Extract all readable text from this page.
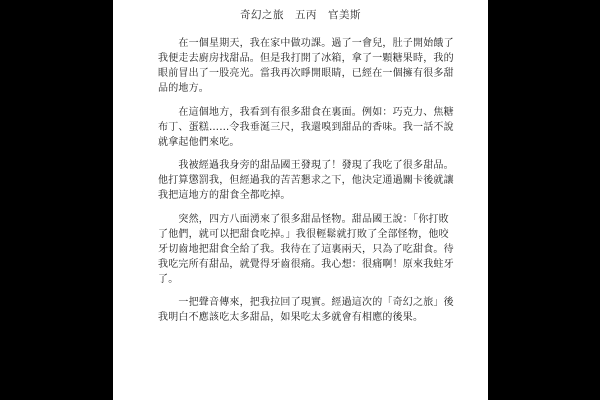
奇幻之旅　五丙　官美斯

　　在一個星期天，我在家中做功課。過了一會兒，肚子開始餓了
我便走去廚房找甜品。但是我打開了冰箱，拿了一顆糖果時，我的
眼前冒出了一股亮光。當我再次睜開眼睛，已經在一個擁有很多甜
品的地方。

　　在這個地方，我看到有很多甜食在裏面。例如：巧克力、焦糖
布丁、蛋糕……令我垂涎三尺，我還嗅到甜品的香味。我一話不說
就拿起他們來吃。

　　我被經過我身旁的甜品國王發現了！發現了我吃了很多甜品。
他打算懲罰我，但經過我的苦苦懇求之下，他決定通過關卡後就讓
我把這地方的甜食全都吃掉。

　　突然，四方八面湧來了很多甜品怪物。甜品國王說：「你打敗
了他們，就可以把甜食吃掉。」我很輕鬆就打敗了全部怪物，他咬
牙切齒地把甜食全給了我。我待在了這裏兩天，只為了吃甜食。待
我吃完所有甜品，就覺得牙齒很痛。我心想：很痛啊！原來我蛀牙
了。

　　一把聲音傳來，把我拉回了現實。經過這次的「奇幻之旅」後
我明白不應該吃太多甜品，如果吃太多就會有相應的後果。
